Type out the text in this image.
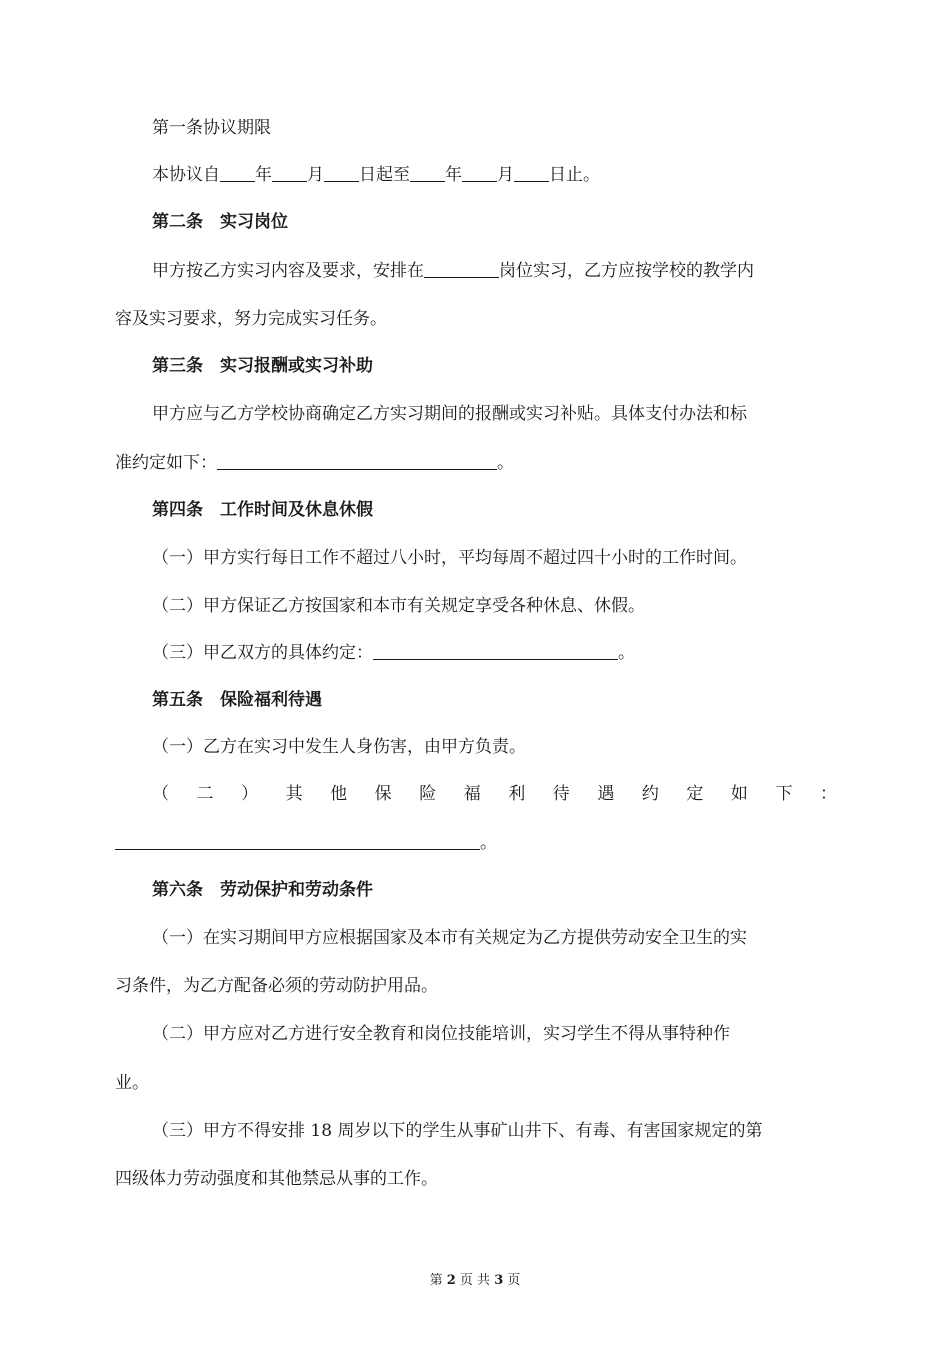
第一条协议期限
本协议自 年 月 日起至 年 月 日止。
第二条　实习岗位
甲方按乙方实习内容及要求，安排在	岗位实习，乙方应按学校的教学内
容及实习要求，努力完成实习任务。
第三条　实习报酬或实习补助
甲方应与乙方学校协商确定乙方实习期间的报酬或实习补贴。具体支付办法和标
准约定如下：	。
第四条　工作时间及休息休假
（一）甲方实行每日工作不超过八小时，平均每周不超过四十小时的工作时间。
（二）甲方保证乙方按国家和本市有关规定享受各种休息、休假。
（三）甲乙双方的具体约定：	。
第五条　保险福利待遇
（一）乙方在实习中发生人身伤害，由甲方负责。
（ 二 ） 其 他 保 险 福 利 待 遇 约 定 如 下 ：
。
第六条　劳动保护和劳动条件
（一）在实习期间甲方应根据国家及本市有关规定为乙方提供劳动安全卫生的实
习条件，为乙方配备必须的劳动防护用品。
（二）甲方应对乙方进行安全教育和岗位技能培训，实习学生不得从事特种作
业。
（三）甲方不得安排 18 周岁以下的学生从事矿山井下、有毒、有害国家规定的第
四级体力劳动强度和其他禁忌从事的工作。
第 2 页 共 3 页
